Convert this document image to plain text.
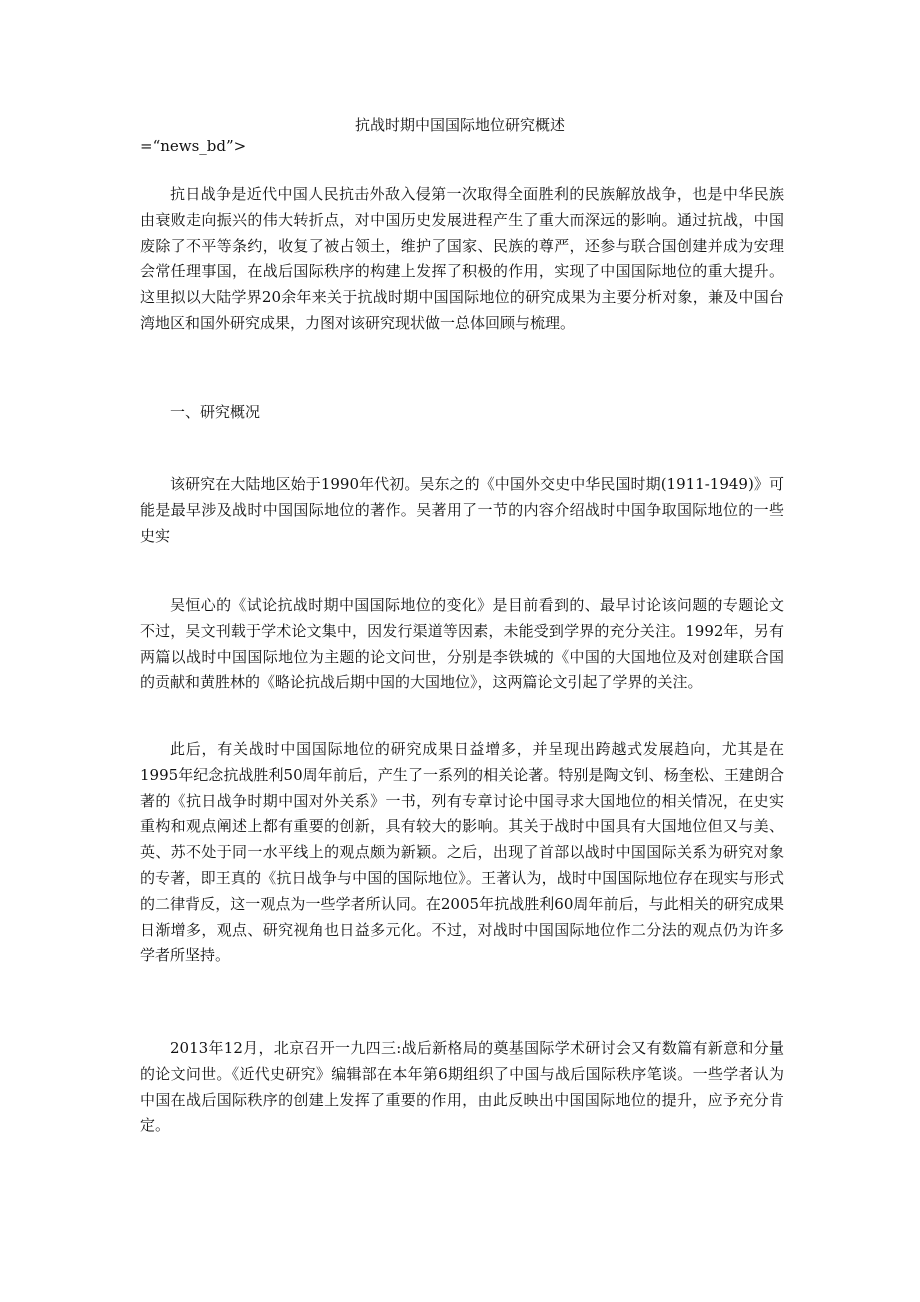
抗战时期中国国际地位研究概述

=“news_bd”>

抗日战争是近代中国人民抗击外敌入侵第一次取得全面胜利的民族解放战争，也是中华民族由衰败走向振兴的伟大转折点，对中国历史发展进程产生了重大而深远的影响。通过抗战，中国废除了不平等条约，收复了被占领土，维护了国家、民族的尊严，还参与联合国创建并成为安理会常任理事国，在战后国际秩序的构建上发挥了积极的作用，实现了中国国际地位的重大提升。这里拟以大陆学界20余年来关于抗战时期中国国际地位的研究成果为主要分析对象，兼及中国台湾地区和国外研究成果，力图对该研究现状做一总体回顾与梳理。

一、研究概况

该研究在大陆地区始于1990年代初。吴东之的《中国外交史中华民国时期(1911-1949)》可能是最早涉及战时中国国际地位的著作。吴著用了一节的内容介绍战时中国争取国际地位的一些史实

吴恒心的《试论抗战时期中国国际地位的变化》是目前看到的、最早讨论该问题的专题论文不过，吴文刊载于学术论文集中，因发行渠道等因素，未能受到学界的充分关注。1992年，另有两篇以战时中国国际地位为主题的论文问世，分别是李铁城的《中国的大国地位及对创建联合国的贡献和黄胜林的《略论抗战后期中国的大国地位》，这两篇论文引起了学界的关注。

此后，有关战时中国国际地位的研究成果日益增多，并呈现出跨越式发展趋向，尤其是在1995年纪念抗战胜利50周年前后，产生了一系列的相关论著。特别是陶文钊、杨奎松、王建朗合著的《抗日战争时期中国对外关系》一书，列有专章讨论中国寻求大国地位的相关情况，在史实重构和观点阐述上都有重要的创新，具有较大的影响。其关于战时中国具有大国地位但又与美、英、苏不处于同一水平线上的观点颇为新颖。之后，出现了首部以战时中国国际关系为研究对象的专著，即王真的《抗日战争与中国的国际地位》。王著认为，战时中国国际地位存在现实与形式的二律背反，这一观点为一些学者所认同。在2005年抗战胜利60周年前后，与此相关的研究成果日渐增多，观点、研究视角也日益多元化。不过，对战时中国国际地位作二分法的观点仍为许多学者所坚持。

2013年12月，北京召开一九四三:战后新格局的奠基国际学术研讨会又有数篇有新意和分量的论文问世。《近代史研究》编辑部在本年第6期组织了中国与战后国际秩序笔谈。一些学者认为中国在战后国际秩序的创建上发挥了重要的作用，由此反映出中国国际地位的提升，应予充分肯定。
